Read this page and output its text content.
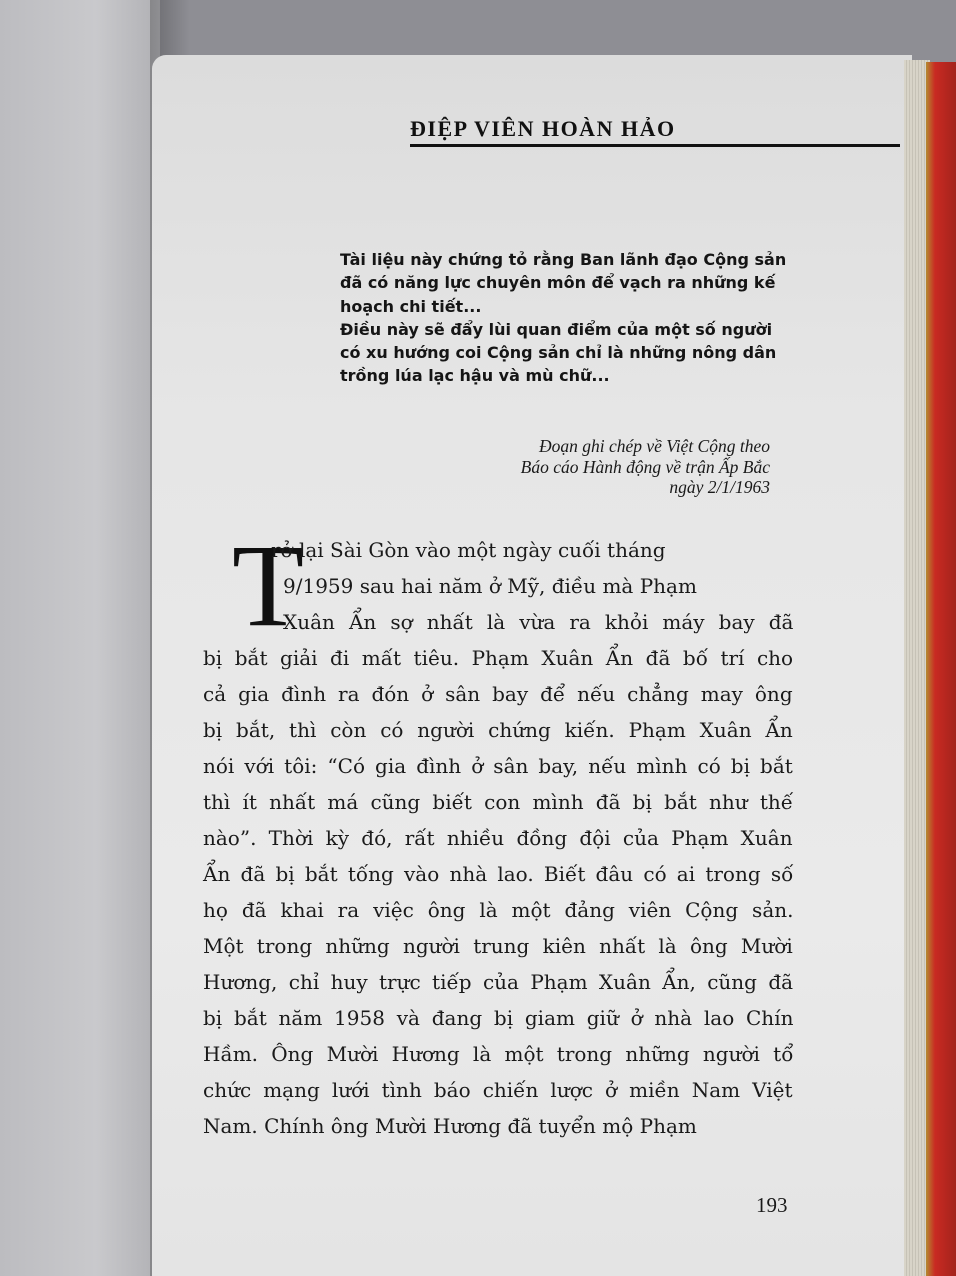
ĐIỆP VIÊN HOÀN HẢO
Tài liệu này chứng tỏ rằng Ban lãnh đạo Cộng sản
đã có năng lực chuyên môn để vạch ra những kế
hoạch chi tiết...
Điều này sẽ đẩy lùi quan điểm của một số người
có xu hướng coi Cộng sản chỉ là những nông dân
trồng lúa lạc hậu và mù chữ...
Đoạn ghi chép về Việt Cộng theo
Báo cáo Hành động về trận Ấp Bắc
ngày 2/1/1963
T
rở lại Sài Gòn vào một ngày cuối tháng
9/1959 sau hai năm ở Mỹ, điều mà Phạm
Xuân Ẩn sợ nhất là vừa ra khỏi máy bay đã
bị bắt giải đi mất tiêu. Phạm Xuân Ẩn đã bố trí cho
cả gia đình ra đón ở sân bay để nếu chẳng may ông
bị bắt, thì còn có người chứng kiến. Phạm Xuân Ẩn
nói với tôi: “Có gia đình ở sân bay, nếu mình có bị bắt
thì ít nhất má cũng biết con mình đã bị bắt như thế
nào”. Thời kỳ đó, rất nhiều đồng đội của Phạm Xuân
Ẩn đã bị bắt tống vào nhà lao. Biết đâu có ai trong số
họ đã khai ra việc ông là một đảng viên Cộng sản.
Một trong những người trung kiên nhất là ông Mười
Hương, chỉ huy trực tiếp của Phạm Xuân Ẩn, cũng đã
bị bắt năm 1958 và đang bị giam giữ ở nhà lao Chín
Hầm. Ông Mười Hương là một trong những người tổ
chức mạng lưới tình báo chiến lược ở miền Nam Việt
Nam. Chính ông Mười Hương đã tuyển mộ Phạm
193
